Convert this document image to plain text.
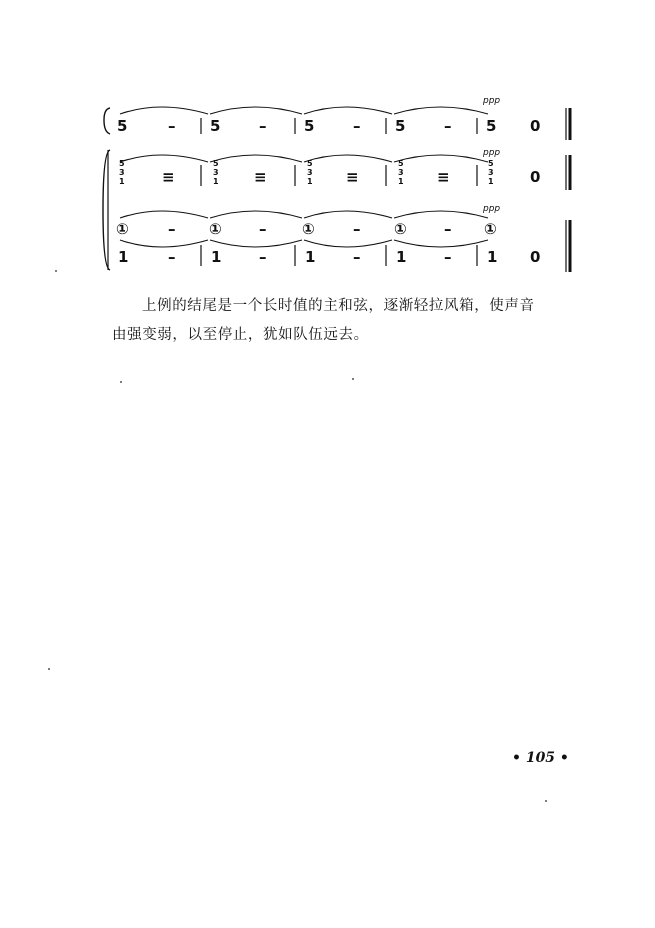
ppp
ppp
ppp
5	– 5	–	5	– 5	– 5 0
5
3
1 ≡
5
3
1 ≡
5
3
1 ≡
5
3
1 ≡
5
3
1 0
①	– ① – ①	– ① – ①
1	– 1	–	1	– 1	– 1 0

上例的结尾是一个长时值的主和弦，逐渐轻拉风箱，使声音
由强变弱，以至停止，犹如队伍远去。

• 105 •
